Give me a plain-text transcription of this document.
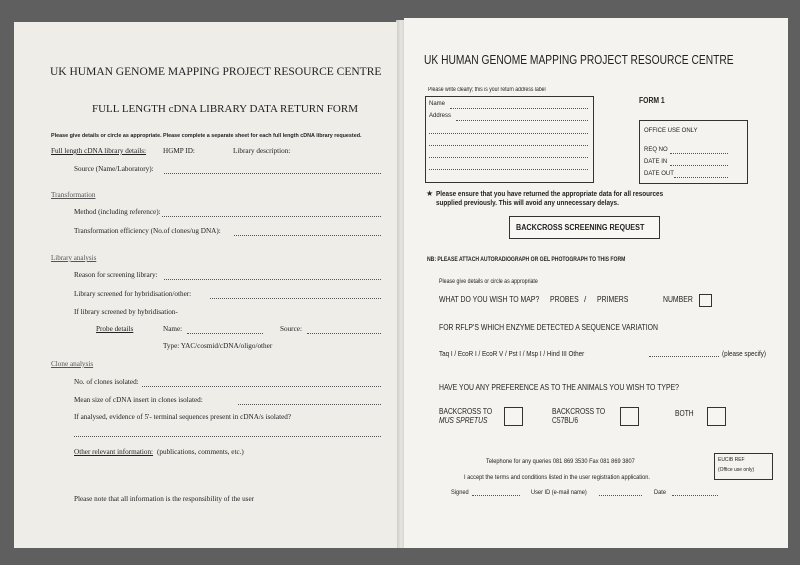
UK HUMAN GENOME MAPPING PROJECT RESOURCE CENTRE
FULL LENGTH cDNA LIBRARY DATA RETURN FORM
Please give details or circle as appropriate. Please complete a separate sheet for each full length cDNA library requested.
Full length cDNA library details: HGMP ID:	Library description:
Source (Name/Laboratory):
Transformation
Method (including reference):
Transformation efficiency (No.of clones/ug DNA):
Library analysis
Reason for screening library:
Library screened for hybridisation/other:
If library screened by hybridisation-
Probe details	Name:	Source:
Type: YAC/cosmid/cDNA/oligo/other
Clone analysis
No. of clones isolated:
Mean size of cDNA insert in clones isolated:
If analysed, evidence of 5'- terminal sequences present in cDNA/s isolated?
Other relevant information: (publications, comments, etc.)
Please note that all information is the responsibility of the user
UK HUMAN GENOME MAPPING PROJECT RESOURCE CENTRE
Please write clearly; this is your return address label
Name
Address
FORM 1
OFFICE USE ONLY
REQ NO
DATE IN
DATE OUT
★ Please ensure that you have returned the appropriate data for all resources
supplied previously. This will avoid any unnecessary delays.
BACKCROSS SCREENING REQUEST
NB: PLEASE ATTACH AUTORADIOGRAPH OR GEL PHOTOGRAPH TO THIS FORM
Please give details or circle as appropriate
WHAT DO YOU WISH TO MAP? PROBES / PRIMERS	NUMBER
FOR RFLP'S WHICH ENZYME DETECTED A SEQUENCE VARIATION
Taq I / EcoR I / EcoR V / Pst I / Msp I / Hind III Other	(please specify)
HAVE YOU ANY PREFERENCE AS TO THE ANIMALS YOU WISH TO TYPE?
BACKCROSS TO
MUS SPRETUS
BACKCROSS TO
C57BL/6
BOTH
Telephone for any queries 081 869 3530 Fax 081 869 3807	EUCIB REF
(Office use only)
I accept the terms and conditions listed in the user registration application.
Signed	User ID (e-mail name)	Date
